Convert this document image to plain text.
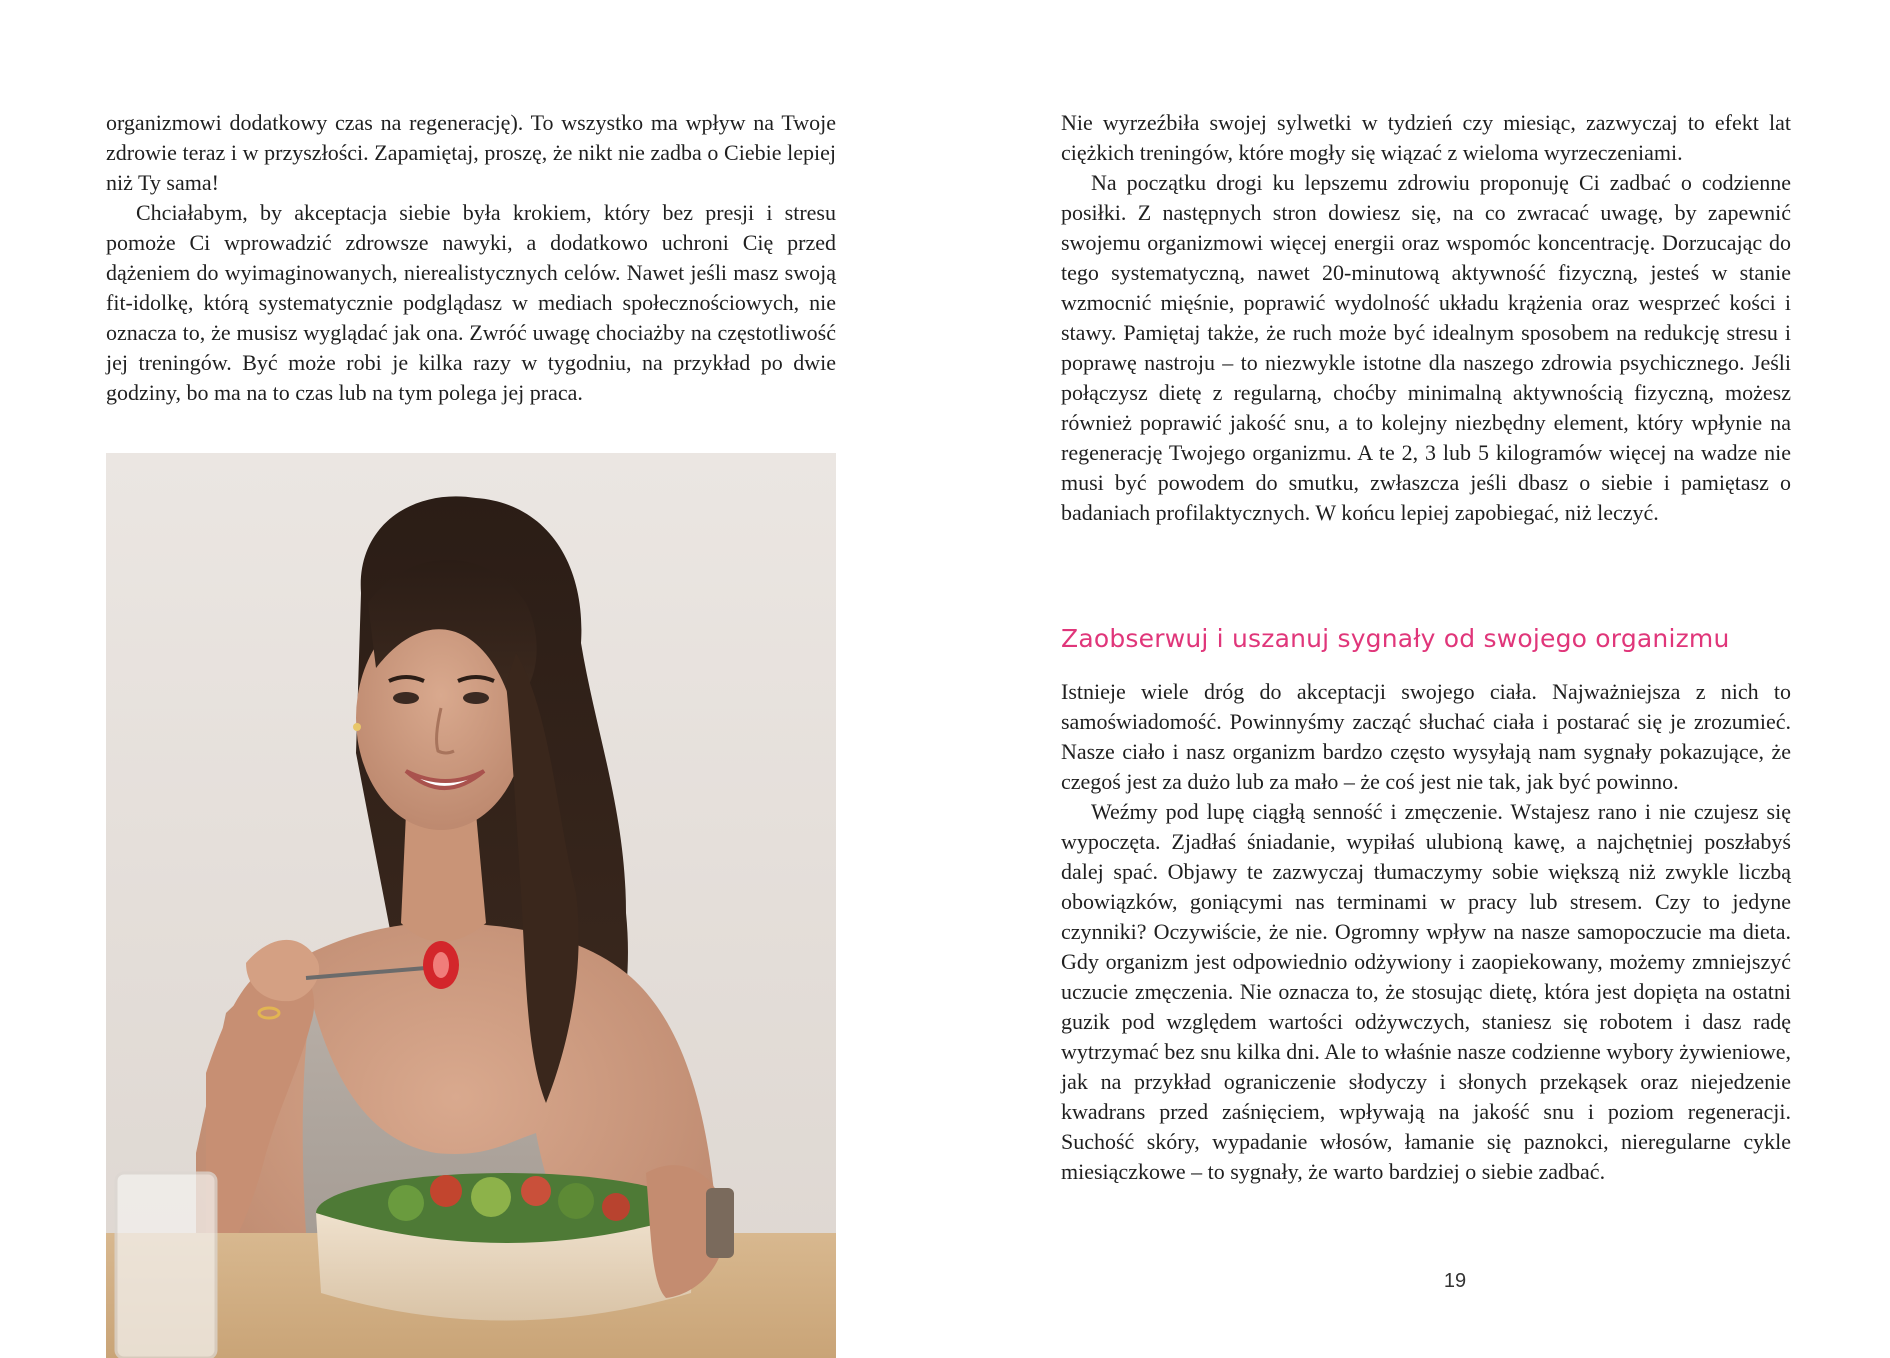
organizmowi dodatkowy czas na regenerację). To wszystko ma wpływ na Twoje zdrowie teraz i w przyszłości. Zapamiętaj, proszę, że nikt nie zadba o Ciebie lepiej niż Ty sama!

Chciałabym, by akceptacja siebie była krokiem, który bez presji i stresu pomoże Ci wprowadzić zdrowsze nawyki, a dodatkowo uchroni Cię przed dążeniem do wyimaginowanych, nierealistycznych celów. Nawet jeśli masz swoją fit-idolkę, którą systematycznie podglądasz w mediach społecznościowych, nie oznacza to, że musisz wyglądać jak ona. Zwróć uwagę chociażby na częstotliwość jej treningów. Być może robi je kilka razy w tygodniu, na przykład po dwie godziny, bo ma na to czas lub na tym polega jej praca.

Nie wyrzeźbiła swojej sylwetki w tydzień czy miesiąc, zazwyczaj to efekt lat ciężkich treningów, które mogły się wiązać z wieloma wyrzeczeniami.

Na początku drogi ku lepszemu zdrowiu proponuję Ci zadbać o codzienne posiłki. Z następnych stron dowiesz się, na co zwracać uwagę, by zapewnić swojemu organizmowi więcej energii oraz wspomóc koncentrację. Dorzucając do tego systematyczną, nawet 20-minutową aktywność fizyczną, jesteś w stanie wzmocnić mięśnie, poprawić wydolność układu krążenia oraz wesprzeć kości i stawy. Pamiętaj także, że ruch może być idealnym sposobem na redukcję stresu i poprawę nastroju – to niezwykle istotne dla naszego zdrowia psychicznego. Jeśli połączysz dietę z regularną, choćby minimalną aktywnością fizyczną, możesz również poprawić jakość snu, a to kolejny niezbędny element, który wpłynie na regenerację Twojego organizmu. A te 2, 3 lub 5 kilogramów więcej na wadze nie musi być powodem do smutku, zwłaszcza jeśli dbasz o siebie i pamiętasz o badaniach profilaktycznych. W końcu lepiej zapobiegać, niż leczyć.

Zaobserwuj i uszanuj sygnały od swojego organizmu

Istnieje wiele dróg do akceptacji swojego ciała. Najważniejsza z nich to samoświadomość. Powinnyśmy zacząć słuchać ciała i postarać się je zrozumieć. Nasze ciało i nasz organizm bardzo często wysyłają nam sygnały pokazujące, że czegoś jest za dużo lub za mało – że coś jest nie tak, jak być powinno.

Weźmy pod lupę ciągłą senność i zmęczenie. Wstajesz rano i nie czujesz się wypoczęta. Zjadłaś śniadanie, wypiłaś ulubioną kawę, a najchętniej poszłabyś dalej spać. Objawy te zazwyczaj tłumaczymy sobie większą niż zwykle liczbą obowiązków, goniącymi nas terminami w pracy lub stresem. Czy to jedyne czynniki? Oczywiście, że nie. Ogromny wpływ na nasze samopoczucie ma dieta. Gdy organizm jest odpowiednio odżywiony i zaopiekowany, możemy zmniejszyć uczucie zmęczenia. Nie oznacza to, że stosując dietę, która jest dopięta na ostatni guzik pod względem wartości odżywczych, staniesz się robotem i dasz radę wytrzymać bez snu kilka dni. Ale to właśnie nasze codzienne wybory żywieniowe, jak na przykład ograniczenie słodyczy i słonych przekąsek oraz niejedzenie kwadrans przed zaśnięciem, wpływają na jakość snu i poziom regeneracji. Suchość skóry, wypadanie włosów, łamanie się paznokci, nieregularne cykle miesiączkowe – to sygnały, że warto bardziej o siebie zadbać.

19
